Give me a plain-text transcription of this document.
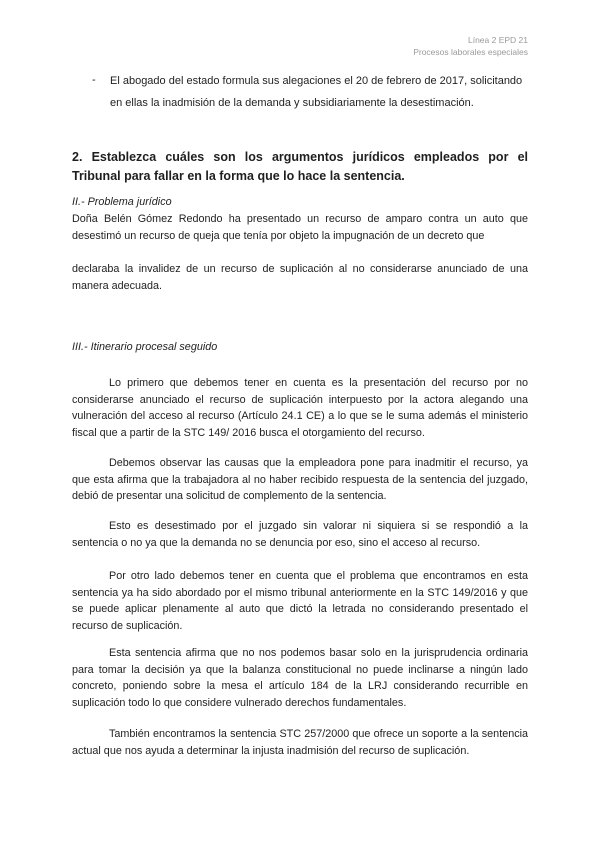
Línea 2 EPD 21
Procesos laborales especiales
- El abogado del estado formula sus alegaciones el 20 de febrero de 2017, solicitando en ellas la inadmisión de la demanda y subsidiariamente la desestimación.
2. Establezca cuáles son los argumentos jurídicos empleados por el Tribunal para fallar en la forma que lo hace la sentencia.
II.- Problema jurídico
Doña Belén Gómez Redondo ha presentado un recurso de amparo contra un auto que desestimó un recurso de queja que tenía por objeto la impugnación de un decreto que
declaraba la invalidez de un recurso de suplicación al no considerarse anunciado de una manera adecuada.
III.- Itinerario procesal seguido
Lo primero que debemos tener en cuenta es la presentación del recurso por no considerarse anunciado el recurso de suplicación interpuesto por la actora alegando una vulneración del acceso al recurso (Artículo 24.1 CE) a lo que se le suma además el ministerio fiscal que a partir de la STC 149/ 2016 busca el otorgamiento del recurso.
Debemos observar las causas que la empleadora pone para inadmitir el recurso, ya que esta afirma que la trabajadora al no haber recibido respuesta de la sentencia del juzgado, debió de presentar una solicitud de complemento de la sentencia.
Esto es desestimado por el juzgado sin valorar ni siquiera si se respondió a la sentencia o no ya que la demanda no se denuncia por eso, sino el acceso al recurso.
Por otro lado debemos tener en cuenta que el problema que encontramos en esta sentencia ya ha sido abordado por el mismo tribunal anteriormente en la STC 149/2016 y que se puede aplicar plenamente al auto que dictó la letrada no considerando presentado el recurso de suplicación.
Esta sentencia afirma que no nos podemos basar solo en la jurisprudencia ordinaria para tomar la decisión ya que la balanza constitucional no puede inclinarse a ningún lado concreto, poniendo sobre la mesa el artículo 184 de la LRJ considerando recurrible en suplicación todo lo que considere vulnerado derechos fundamentales.
También encontramos la sentencia STC 257/2000 que ofrece un soporte a la sentencia actual que nos ayuda a determinar la injusta inadmisión del recurso de suplicación.
